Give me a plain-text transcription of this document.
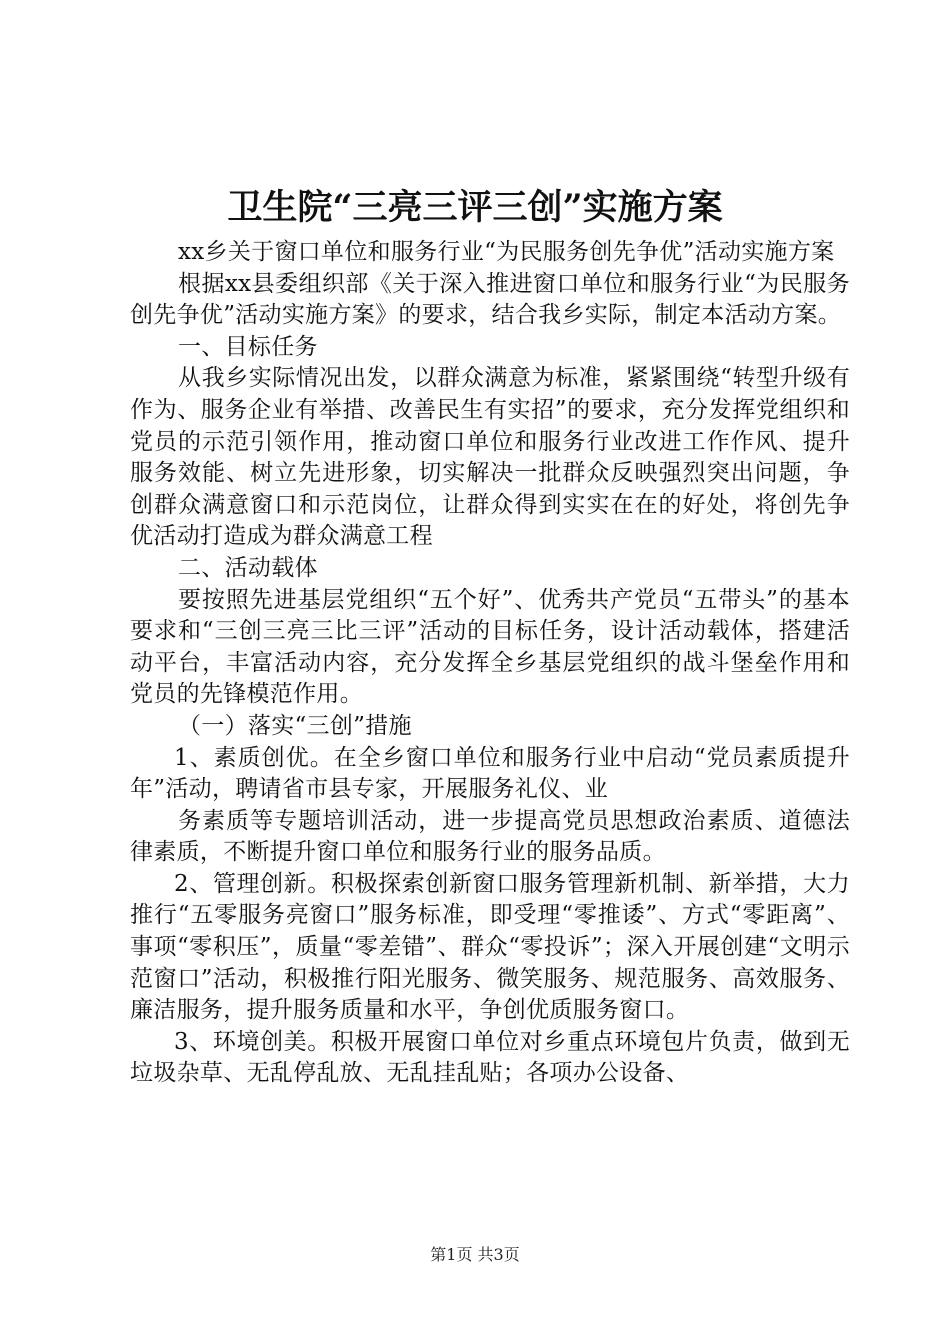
卫生院“三亮三评三创”实施方案

xx乡关于窗口单位和服务行业“为民服务创先争优”活动实施方案

根据xx县委组织部《关于深入推进窗口单位和服务行业“为民服务创先争优”活动实施方案》的要求，结合我乡实际，制定本活动方案。

一、目标任务

从我乡实际情况出发，以群众满意为标准，紧紧围绕“转型升级有作为、服务企业有举措、改善民生有实招”的要求，充分发挥党组织和党员的示范引领作用，推动窗口单位和服务行业改进工作作风、提升服务效能、树立先进形象，切实解决一批群众反映强烈突出问题，争创群众满意窗口和示范岗位，让群众得到实实在在的好处，将创先争优活动打造成为群众满意工程

二、活动载体

要按照先进基层党组织“五个好”、优秀共产党员“五带头”的基本要求和“三创三亮三比三评”活动的目标任务，设计活动载体，搭建活动平台，丰富活动内容，充分发挥全乡基层党组织的战斗堡垒作用和党员的先锋模范作用。

（一）落实“三创”措施

1、素质创优。在全乡窗口单位和服务行业中启动“党员素质提升年”活动，聘请省市县专家，开展服务礼仪、业

务素质等专题培训活动，进一步提高党员思想政治素质、道德法律素质，不断提升窗口单位和服务行业的服务品质。

2、管理创新。积极探索创新窗口服务管理新机制、新举措，大力推行“五零服务亮窗口”服务标准，即受理“零推诿”、方式“零距离”、事项“零积压”，质量“零差错”、群众“零投诉”；深入开展创建“文明示范窗口”活动，积极推行阳光服务、微笑服务、规范服务、高效服务、廉洁服务，提升服务质量和水平，争创优质服务窗口。

3、环境创美。积极开展窗口单位对乡重点环境包片负责，做到无垃圾杂草、无乱停乱放、无乱挂乱贴；各项办公设备、

第1页 共3页
